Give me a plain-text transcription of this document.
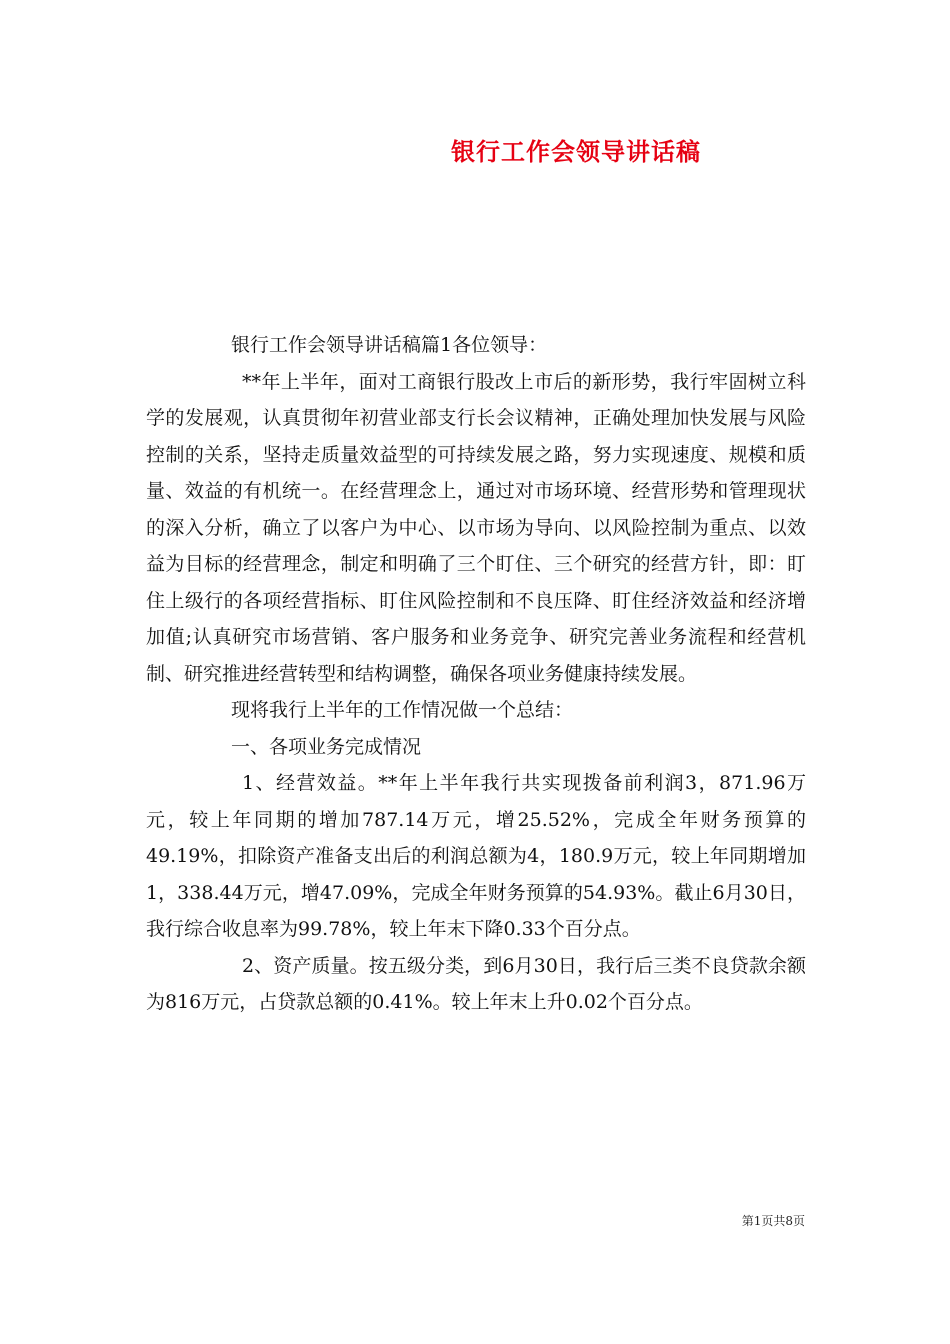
银行工作会领导讲话稿

银行工作会领导讲话稿篇1各位领导：

**年上半年，面对工商银行股改上市后的新形势，我行牢固树立科学的发展观，认真贯彻年初营业部支行长会议精神，正确处理加快发展与风险控制的关系，坚持走质量效益型的可持续发展之路，努力实现速度、规模和质量、效益的有机统一。在经营理念上，通过对市场环境、经营形势和管理现状的深入分析，确立了以客户为中心、以市场为导向、以风险控制为重点、以效益为目标的经营理念，制定和明确了三个盯住、三个研究的经营方针，即：盯住上级行的各项经营指标、盯住风险控制和不良压降、盯住经济效益和经济增加值;认真研究市场营销、客户服务和业务竞争、研究完善业务流程和经营机制、研究推进经营转型和结构调整，确保各项业务健康持续发展。

现将我行上半年的工作情况做一个总结：

一、各项业务完成情况

1、经营效益。**年上半年我行共实现拨备前利润3，871.96万元，较上年同期的增加787.14万元，增25.52%，完成全年财务预算的49.19%，扣除资产准备支出后的利润总额为4，180.9万元，较上年同期增加1，338.44万元，增47.09%，完成全年财务预算的54.93%。截止6月30日，我行综合收息率为99.78%，较上年末下降0.33个百分点。

2、资产质量。按五级分类，到6月30日，我行后三类不良贷款余额为816万元，占贷款总额的0.41%。较上年末上升0.02个百分点。

第1页共8页
